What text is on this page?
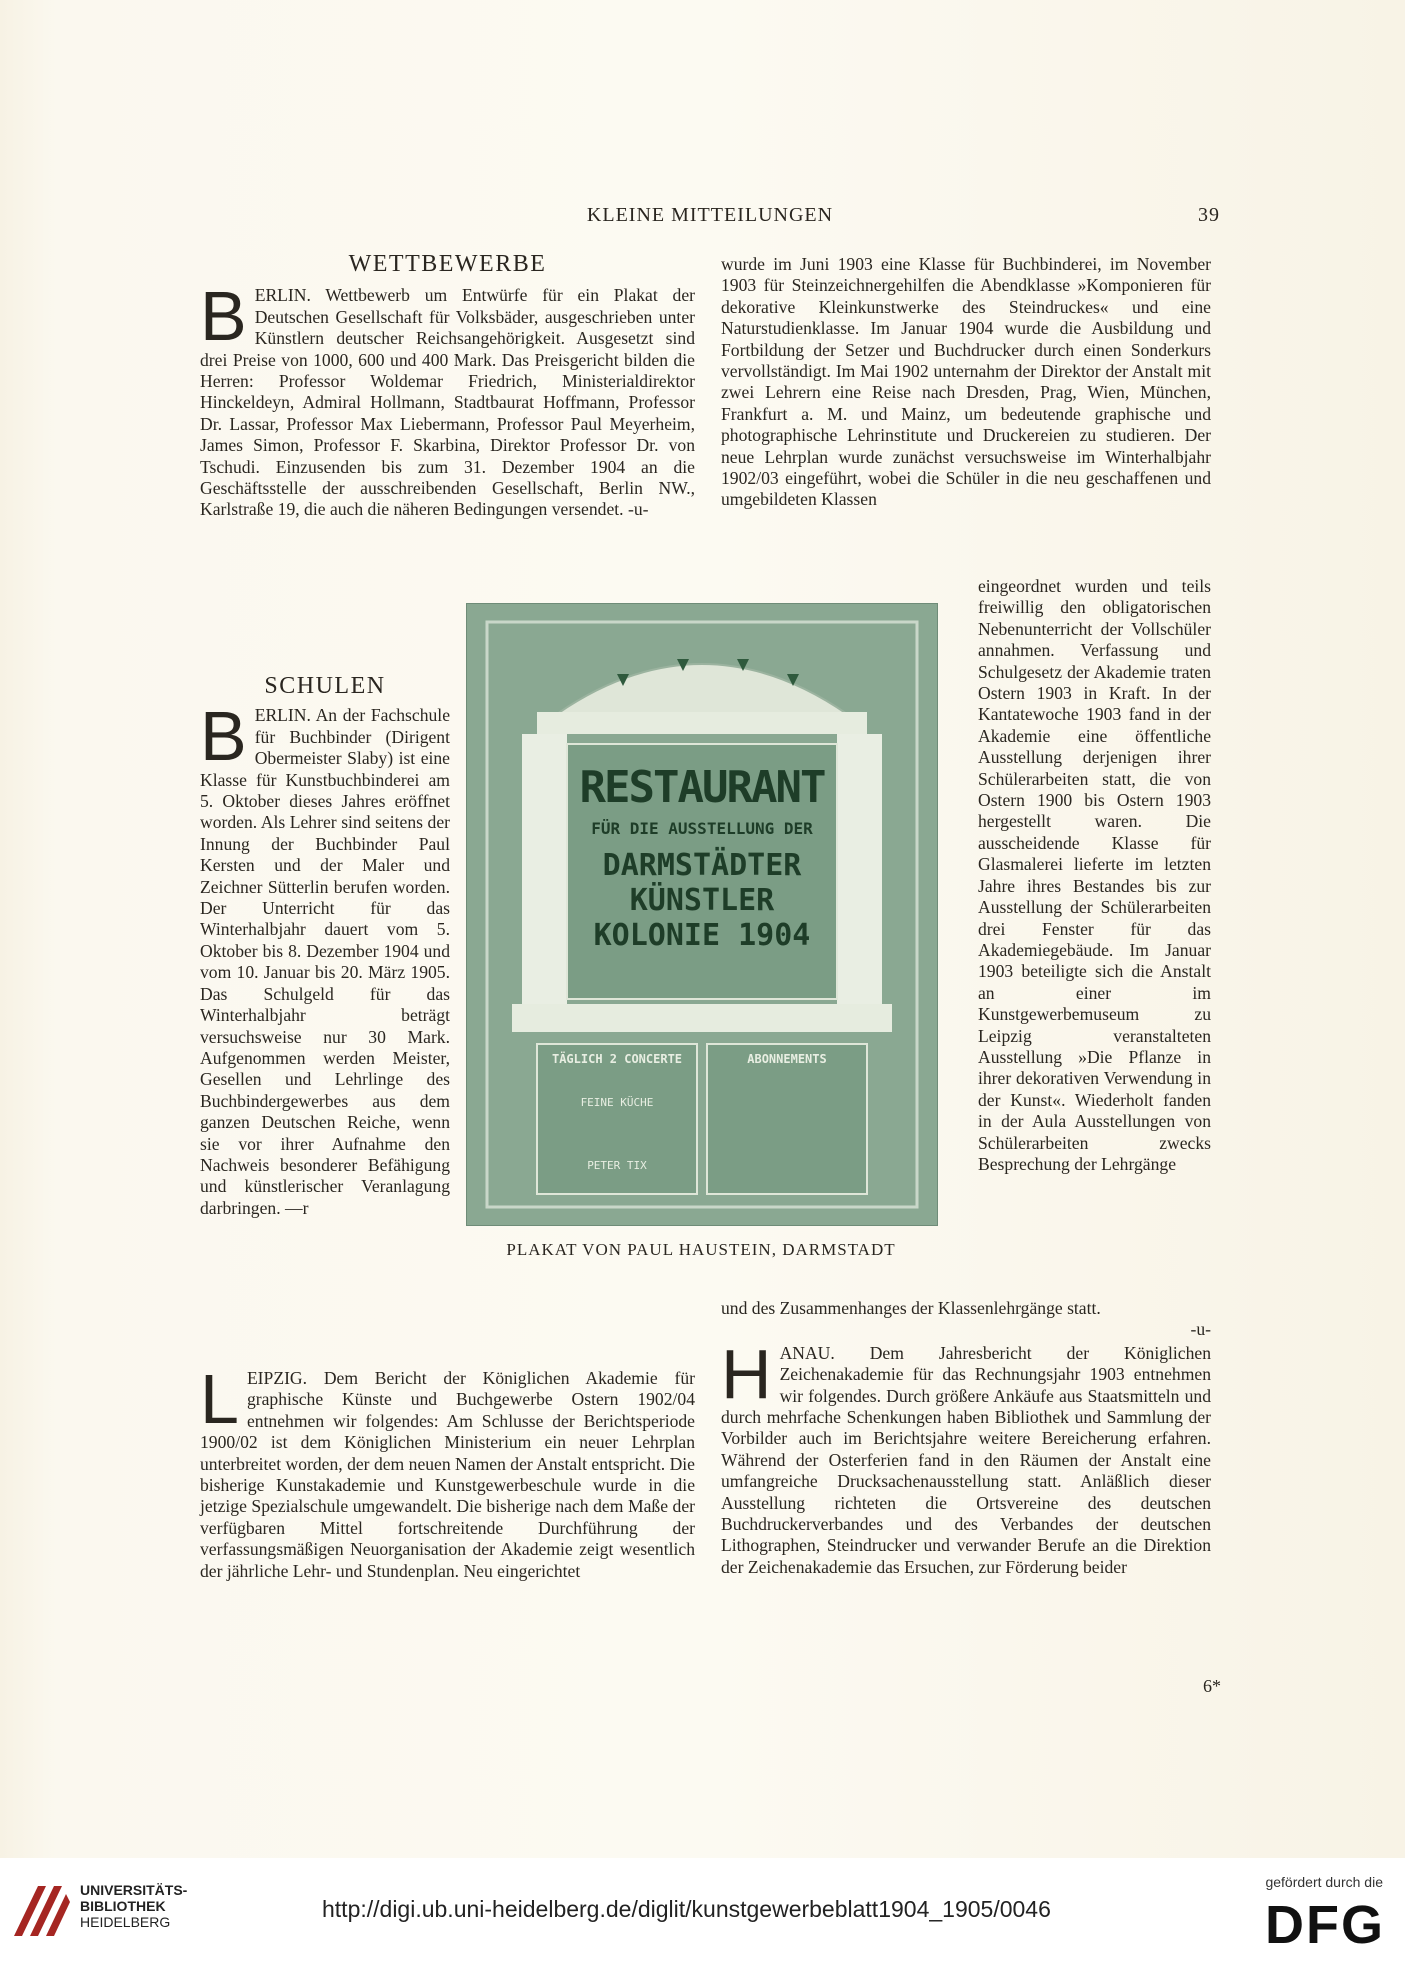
KLEINE MITTEILUNGEN	39
WETTBEWERBE

BERLIN. Wettbewerb um Entwürfe für ein Plakat der Deutschen Gesellschaft für Volksbäder, ausgeschrieben unter Künstlern deutscher Reichsangehörigkeit. Ausgesetzt sind drei Preise von 1000, 600 und 400 Mark. Das Preisgericht bilden die Herren: Professor Woldemar Friedrich, Ministerialdirektor Hinckeldeyn, Admiral Hollmann, Stadtbaurat Hoffmann, Professor Dr. Lassar, Professor Max Liebermann, Professor Paul Meyerheim, James Simon, Professor F. Skarbina, Direktor Professor Dr. von Tschudi. Einzusenden bis zum 31. Dezember 1904 an die Geschäftsstelle der ausschreibenden Gesellschaft, Berlin NW., Karlstraße 19, die auch die näheren Bedingungen versendet. -u-

SCHULEN

BERLIN. An der Fachschule für Buchbinder (Dirigent Obermeister Slaby) ist eine Klasse für Kunstbuchbinderei am 5. Oktober dieses Jahres eröffnet worden. Als Lehrer sind seitens der Innung der Buchbinder Paul Kersten und der Maler und Zeichner Sütterlin berufen worden. Der Unterricht für das Winterhalbjahr dauert vom 5. Oktober bis 8. Dezember 1904 und vom 10. Januar bis 20. März 1905. Das Schulgeld für das Winterhalbjahr beträgt versuchsweise nur 30 Mark. Aufgenommen werden Meister, Gesellen und Lehrlinge des Buchbindergewerbes aus dem ganzen Deutschen Reiche, wenn sie vor ihrer Aufnahme den Nachweis besonderer Befähigung und künstlerischer Veranlagung darbringen. —r

LEIPZIG. Dem Bericht der Königlichen Akademie für graphische Künste und Buchgewerbe Ostern 1902/04 entnehmen wir folgendes: Am Schlusse der Berichtsperiode 1900/02 ist dem Königlichen Ministerium ein neuer Lehrplan unterbreitet worden, der dem neuen Namen der Anstalt entspricht. Die bisherige Kunstakademie und Kunstgewerbeschule wurde in die jetzige Spezialschule umgewandelt. Die bisherige nach dem Maße der verfügbaren Mittel fortschreitende Durchführung der verfassungsmäßigen Neuorganisation der Akademie zeigt wesentlich der jährliche Lehr- und Stundenplan. Neu eingerichtet

wurde im Juni 1903 eine Klasse für Buchbinderei, im November 1903 für Steinzeichnergehilfen die Abendklasse »Komponieren für dekorative Kleinkunstwerke des Steindruckes« und eine Naturstudienklasse. Im Januar 1904 wurde die Ausbildung und Fortbildung der Setzer und Buchdrucker durch einen Sonderkurs vervollständigt. Im Mai 1902 unternahm der Direktor der Anstalt mit zwei Lehrern eine Reise nach Dresden, Prag, Wien, München, Frankfurt a. M. und Mainz, um bedeutende graphische und photographische Lehrinstitute und Druckereien zu studieren. Der neue Lehrplan wurde zunächst versuchsweise im Winterhalbjahr 1902/03 eingeführt, wobei die Schüler in die neu geschaffenen und umgebildeten Klassen

eingeordnet wurden und teils freiwillig den obligatorischen Nebenunterricht der Vollschüler annahmen. Verfassung und Schulgesetz der Akademie traten Ostern 1903 in Kraft. In der Kantatewoche 1903 fand in der Akademie eine öffentliche Ausstellung derjenigen ihrer Schülerarbeiten statt, die von Ostern 1900 bis Ostern 1903 hergestellt waren. Die ausscheidende Klasse für Glasmalerei lieferte im letzten Jahre ihres Bestandes bis zur Ausstellung der Schülerarbeiten drei Fenster für das Akademiegebäude. Im Januar 1903 beteiligte sich die Anstalt an einer im Kunstgewerbemuseum zu Leipzig veranstalteten Ausstellung »Die Pflanze in ihrer dekorativen Verwendung in der Kunst«. Wiederholt fanden in der Aula Ausstellungen von Schülerarbeiten zwecks Besprechung der Lehrgänge

und des Zusammenhanges der Klassenlehrgänge statt.

-u-

HANAU. Dem Jahresbericht der Königlichen Zeichenakademie für das Rechnungsjahr 1903 entnehmen wir folgendes. Durch größere Ankäufe aus Staatsmitteln und durch mehrfache Schenkungen haben Bibliothek und Sammlung der Vorbilder auch im Berichtsjahre weitere Bereicherung erfahren. Während der Osterferien fand in den Räumen der Anstalt eine umfangreiche Drucksachenausstellung statt. Anläßlich dieser Ausstellung richteten die Ortsvereine des deutschen Buchdruckerverbandes und des Verbandes der deutschen Lithographen, Steindrucker und verwander Berufe an die Direktion der Zeichenakademie das Ersuchen, zur Förderung beider

6*
RESTAURANT
FÜR DIE AUSSTELLUNG DER
DARMSTÄDTER
KÜNSTLER
KOLONIE 1904
TÄGLICH 2 CONCERTE
FEINE KÜCHE
PETER TIX
ABONNEMENTS
PLAKAT VON PAUL HAUSTEIN, DARMSTADT
UNIVERSITÄTS-
BIBLIOTHEK
HEIDELBERG	http://digi.ub.uni-heidelberg.de/diglit/kunstgewerbeblatt1904_1905/0046
gefördert durch die
DFG
